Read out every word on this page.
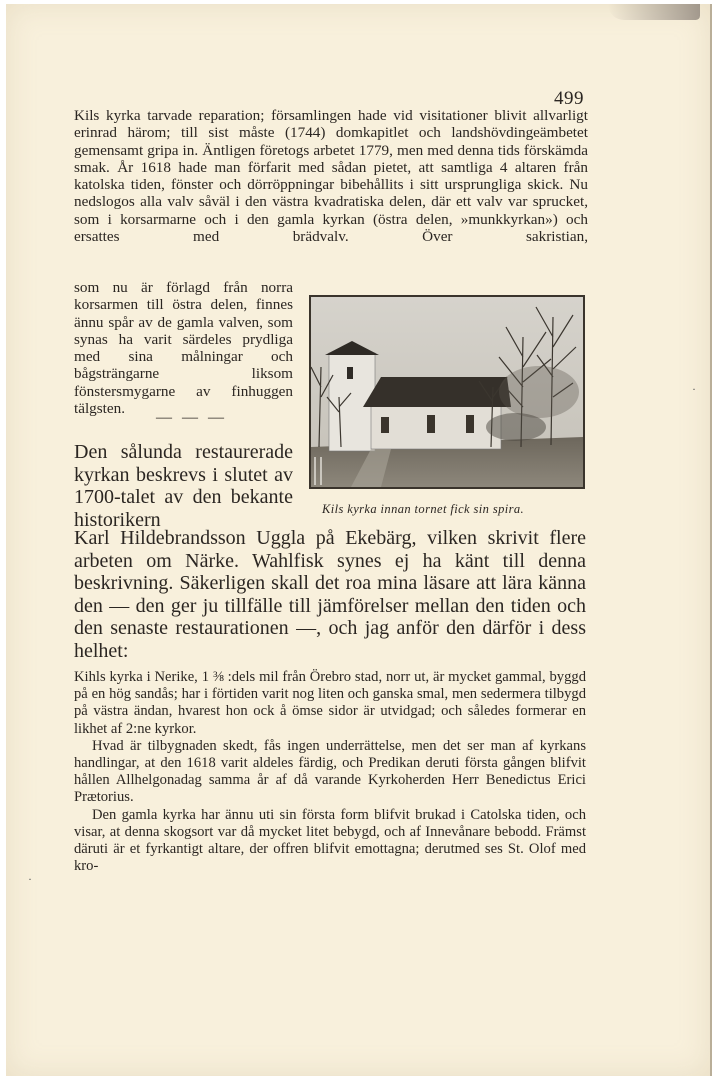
499

Kils kyrka tarvade reparation; församlingen hade vid visitationer blivit allvarligt erinrad härom; till sist måste (1744) domkapitlet och landshövdingeämbetet gemensamt gripa in. Äntligen företogs arbetet 1779, men med denna tids förskämda smak. År 1618 hade man förfarit med sådan pietet, att samtliga 4 altaren från katolska tiden, fönster och dörröppningar bibehållits i sitt ursprungliga skick. Nu nedslogos alla valv såväl i den västra kvadratiska delen, där ett valv var sprucket, som i korsarmarne och i den gamla kyrkan (östra delen, »munkkyrkan») och ersattes med brädvalv. Över sakristian,

som nu är förlagd från norra korsarmen till östra delen, finnes ännu spår av de gamla valven, som synas ha varit särdeles prydliga med sina målningar och bågsträngarne liksom fönstersmygarne av finhuggen tälgsten.

— — —

Den sålunda restaurerade kyrkan beskrevs i slutet av 1700-talet av den bekante historikern

Karl Hildebrandsson Uggla på Ekebärg, vilken skrivit flere arbeten om Närke. Wahlfisk synes ej ha känt till denna beskrivning. Säkerligen skall det roa mina läsare att lära känna den — den ger ju tillfälle till jämförelser mellan den tiden och den senaste restaurationen —, och jag anför den därför i dess helhet:

Kihls kyrka i Nerike, 1 ⅜ :dels mil från Örebro stad, norr ut, är mycket gammal, byggd på en hög sandås; har i förtiden varit nog liten och ganska smal, men sedermera tilbygd på västra ändan, hvarest hon ock å ömse sidor är utvidgad; och således formerar en likhet af 2:ne kyrkor.
Hvad är tilbygnaden skedt, fås ingen underrättelse, men det ser man af kyrkans handlingar, at den 1618 varit aldeles färdig, och Predikan deruti första gången blifvit hållen Allhelgonadag samma år af då varande Kyrkoherden Herr Benedictus Erici Prætorius.
Den gamla kyrka har ännu uti sin första form blifvit brukad i Catolska tiden, och visar, at denna skogsort var då mycket litet bebygd, och af Innevånare bebodd. Främst däruti är et fyrkantigt altare, der offren blifvit emottagna; derutmed ses St. Olof med kro-
Kils kyrka innan tornet fick sin spira.
·
·
